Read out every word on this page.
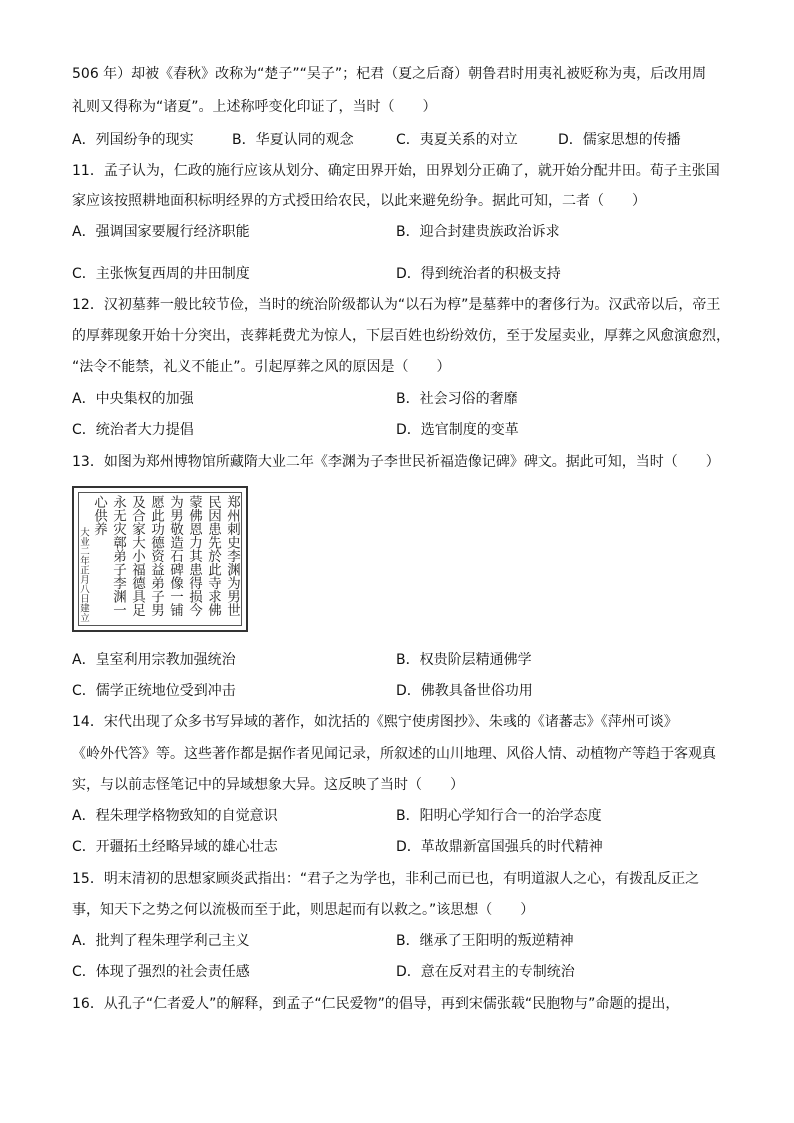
506 年）却被《春秋》改称为“楚子”“吴子”；杞君（夏之后裔）朝鲁君时用夷礼被贬称为夷，后改用周
礼则又得称为“诸夏”。上述称呼变化印证了，当时（　　）
A．列国纷争的现实	B．华夏认同的观念	C．夷夏关系的对立	D．儒家思想的传播
11．孟子认为，仁政的施行应该从划分、确定田界开始，田界划分正确了，就开始分配井田。荀子主张国
家应该按照耕地面积标明经界的方式授田给农民，以此来避免纷争。据此可知，二者（　　）
A．强调国家要履行经济职能	B．迎合封建贵族政治诉求
C．主张恢复西周的井田制度	D．得到统治者的积极支持
12．汉初墓葬一般比较节俭，当时的统治阶级都认为“以石为椁”是墓葬中的奢侈行为。汉武帝以后，帝王
的厚葬现象开始十分突出，丧葬耗费尤为惊人，下层百姓也纷纷效仿，至于发屋卖业，厚葬之风愈演愈烈，
“法令不能禁，礼义不能止”。引起厚葬之风的原因是（　　）
A．中央集权的加强	B．社会习俗的奢靡
C．统治者大力提倡	D．选官制度的变革
13．如图为郑州博物馆所藏隋大业二年《李渊为子李世民祈福造像记碑》碑文。据此可知，当时（　　）
郑州刺史李渊为男世
民因患先於此寺求佛
蒙佛恩力其患得损今
为男敬造石碑像一铺
愿此功德资益弟子男
及合家大小福德具足
永无灾鄣弟子李渊一
心供养
大业二年正月八日建立
A．皇室利用宗教加强统治	B．权贵阶层精通佛学
C．儒学正统地位受到冲击	D．佛教具备世俗功用
14．宋代出现了众多书写异域的著作，如沈括的《熙宁使虏图抄》、朱彧的《诸蕃志》《萍州可谈》
《岭外代答》等。这些著作都是据作者见闻记录，所叙述的山川地理、风俗人情、动植物产等趋于客观真
实，与以前志怪笔记中的异域想象大异。这反映了当时（　　）
A．程朱理学格物致知的自觉意识	B．阳明心学知行合一的治学态度
C．开疆拓土经略异域的雄心壮志	D．革故鼎新富国强兵的时代精神
15．明末清初的思想家顾炎武指出：“君子之为学也，非利己而已也，有明道淑人之心，有拨乱反正之
事，知天下之势之何以流极而至于此，则思起而有以救之。”该思想（　　）
A．批判了程朱理学利己主义	B．继承了王阳明的叛逆精神
C．体现了强烈的社会责任感	D．意在反对君主的专制统治
16．从孔子“仁者爱人”的解释，到孟子“仁民爱物”的倡导，再到宋儒张载“民胞物与”命题的提出，
